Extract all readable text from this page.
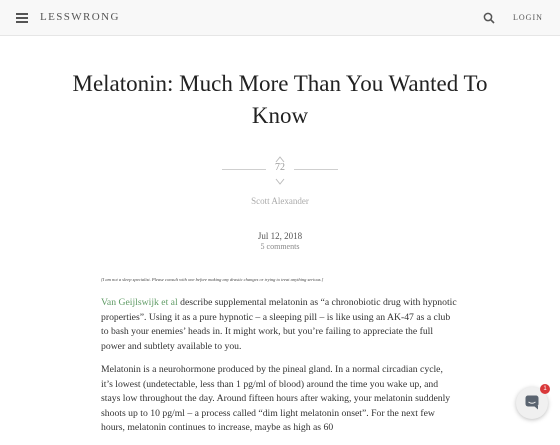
LESSWRONG	LOGIN
Melatonin: Much More Than You Wanted To Know
72
Scott Alexander
Jul 12, 2018
5 comments
[I am not a sleep specialist. Please consult with one before making any drastic changes or trying to treat anything serious.]

Van Geijlswijk et al describe supplemental melatonin as “a chronobiotic drug with hypnotic properties”. Using it as a pure hypnotic – a sleeping pill – is like using an AK-47 as a club to bash your enemies’ heads in. It might work, but you’re failing to appreciate the full power and subtlety available to you.

Melatonin is a neurohormone produced by the pineal gland. In a normal circadian cycle, it’s lowest (undetectable, less than 1 pg/ml of blood) around the time you wake up, and stays low throughout the day. Around fifteen hours after waking, your melatonin suddenly shoots up to 10 pg/ml – a process called “dim light melatonin onset”. For the next few hours, melatonin continues to increase, maybe as high as 60

1
